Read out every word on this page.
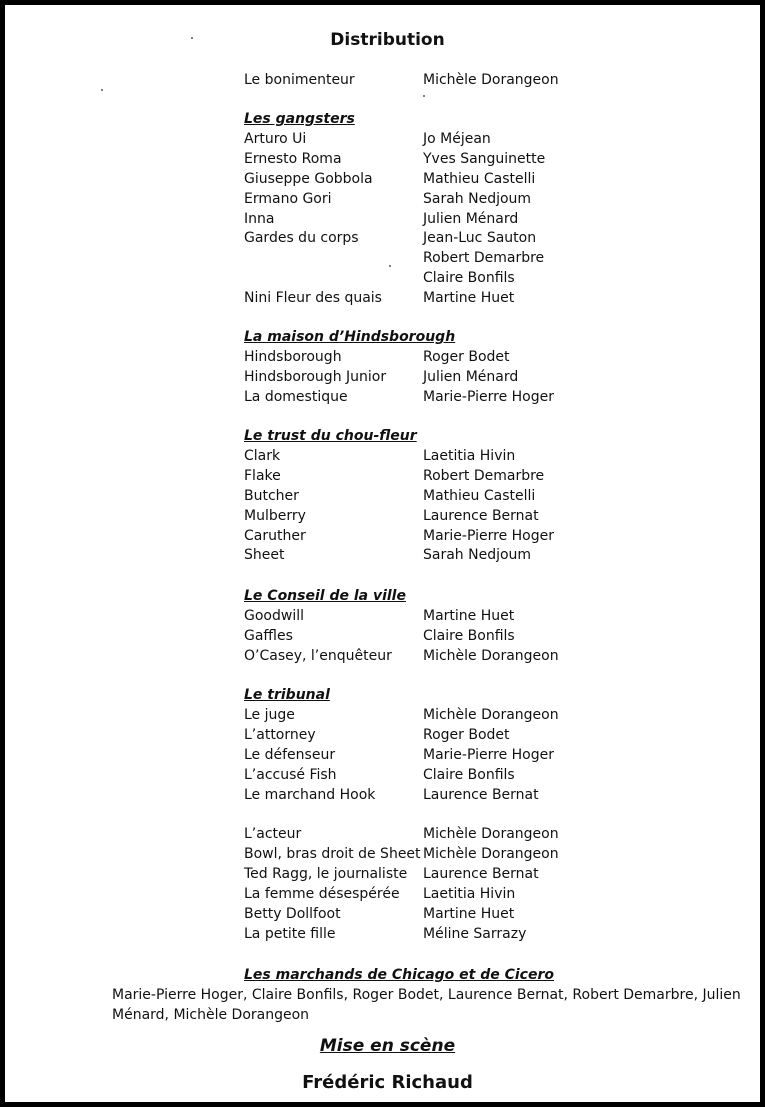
Distribution
Le bonimenteur	Michèle Dorangeon
Les gangsters
Arturo Ui	Jo Méjean
Ernesto Roma	Yves Sanguinette
Giuseppe Gobbola	Mathieu Castelli
Ermano Gori	Sarah Nedjoum
Inna	Julien Ménard
Gardes du corps	Jean-Luc Sauton
Robert Demarbre
Claire Bonfils
Nini Fleur des quais	Martine Huet
La maison d’Hindsborough
Hindsborough	Roger Bodet
Hindsborough Junior	Julien Ménard
La domestique	Marie-Pierre Hoger
Le trust du chou-fleur
Clark	Laetitia Hivin
Flake	Robert Demarbre
Butcher	Mathieu Castelli
Mulberry	Laurence Bernat
Caruther	Marie-Pierre Hoger
Sheet	Sarah Nedjoum
Le Conseil de la ville
Goodwill	Martine Huet
Gaffles	Claire Bonfils
O’Casey, l’enquêteur Michèle Dorangeon
Le tribunal
Le juge	Michèle Dorangeon
L’attorney	Roger Bodet
Le défenseur	Marie-Pierre Hoger
L’accusé Fish	Claire Bonfils
Le marchand Hook	Laurence Bernat
L’acteur	Michèle Dorangeon
Bowl, bras droit de Sheet Michèle Dorangeon
Ted Ragg, le journaliste Laurence Bernat
La femme désespérée Laetitia Hivin
Betty Dollfoot	Martine Huet
La petite fille	Méline Sarrazy
Les marchands de Chicago et de Cicero
Marie-Pierre Hoger, Claire Bonfils, Roger Bodet, Laurence Bernat, Robert Demarbre, Julien Ménard, Michèle Dorangeon
Mise en scène
Frédéric Richaud
